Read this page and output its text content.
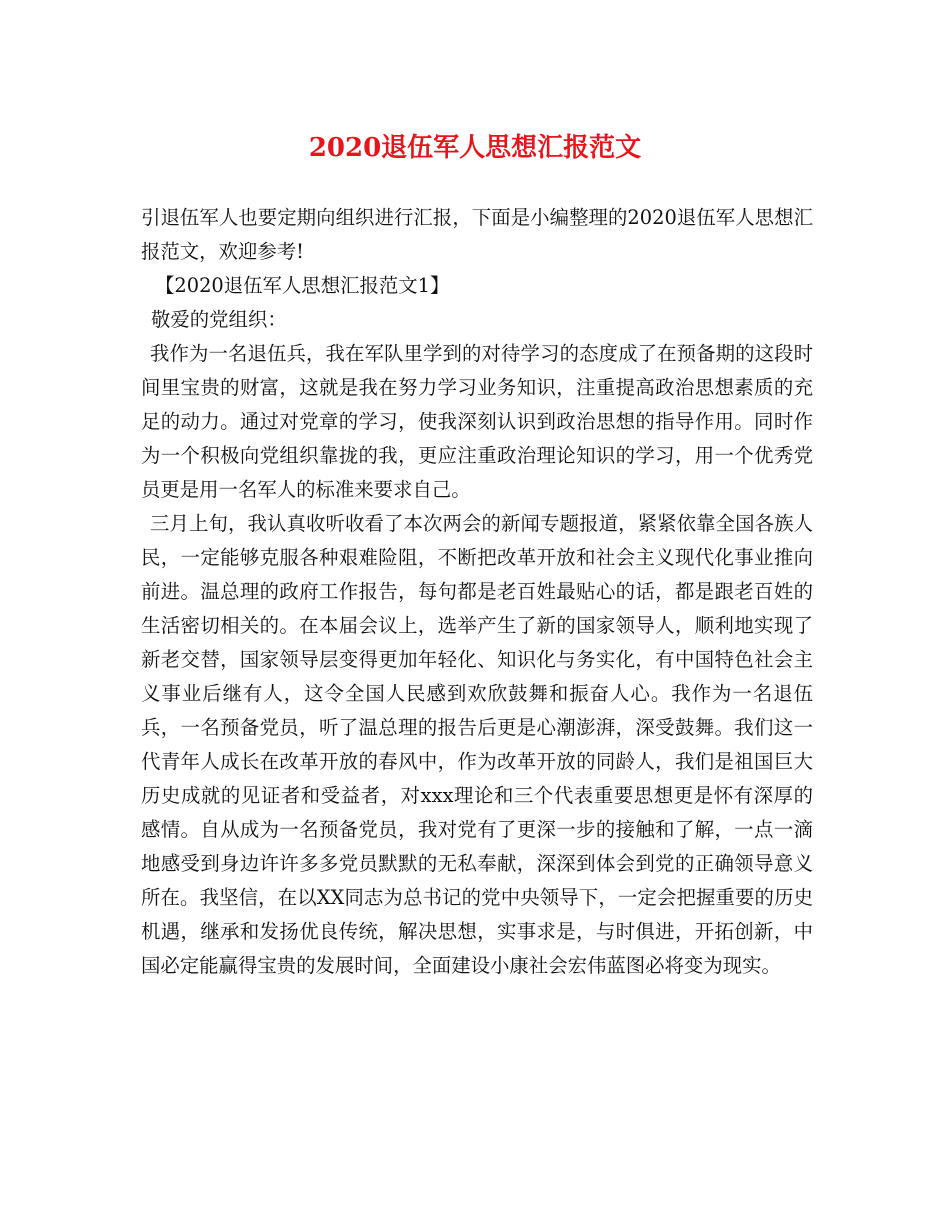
2020退伍军人思想汇报范文

引退伍军人也要定期向组织进行汇报，下面是小编整理的2020退伍军人思想汇报范文，欢迎参考!

【2020退伍军人思想汇报范文1】

敬爱的党组织：

我作为一名退伍兵，我在军队里学到的对待学习的态度成了在预备期的这段时间里宝贵的财富，这就是我在努力学习业务知识，注重提高政治思想素质的充足的动力。通过对党章的学习，使我深刻认识到政治思想的指导作用。同时作为一个积极向党组织靠拢的我，更应注重政治理论知识的学习，用一个优秀党员更是用一名军人的标准来要求自己。

三月上旬，我认真收听收看了本次两会的新闻专题报道，紧紧依靠全国各族人民，一定能够克服各种艰难险阻，不断把改革开放和社会主义现代化事业推向前进。温总理的政府工作报告，每句都是老百姓最贴心的话，都是跟老百姓的生活密切相关的。在本届会议上，选举产生了新的国家领导人，顺利地实现了新老交替，国家领导层变得更加年轻化、知识化与务实化，有中国特色社会主义事业后继有人，这令全国人民感到欢欣鼓舞和振奋人心。我作为一名退伍兵，一名预备党员，听了温总理的报告后更是心潮澎湃，深受鼓舞。我们这一代青年人成长在改革开放的春风中，作为改革开放的同龄人，我们是祖国巨大历史成就的见证者和受益者，对xxx理论和三个代表重要思想更是怀有深厚的感情。自从成为一名预备党员，我对党有了更深一步的接触和了解，一点一滴地感受到身边许许多多党员默默的无私奉献，深深到体会到党的正确领导意义所在。我坚信，在以XX同志为总书记的党中央领导下，一定会把握重要的历史机遇，继承和发扬优良传统，解决思想，实事求是，与时俱进，开拓创新，中国必定能赢得宝贵的发展时间，全面建设小康社会宏伟蓝图必将变为现实。
